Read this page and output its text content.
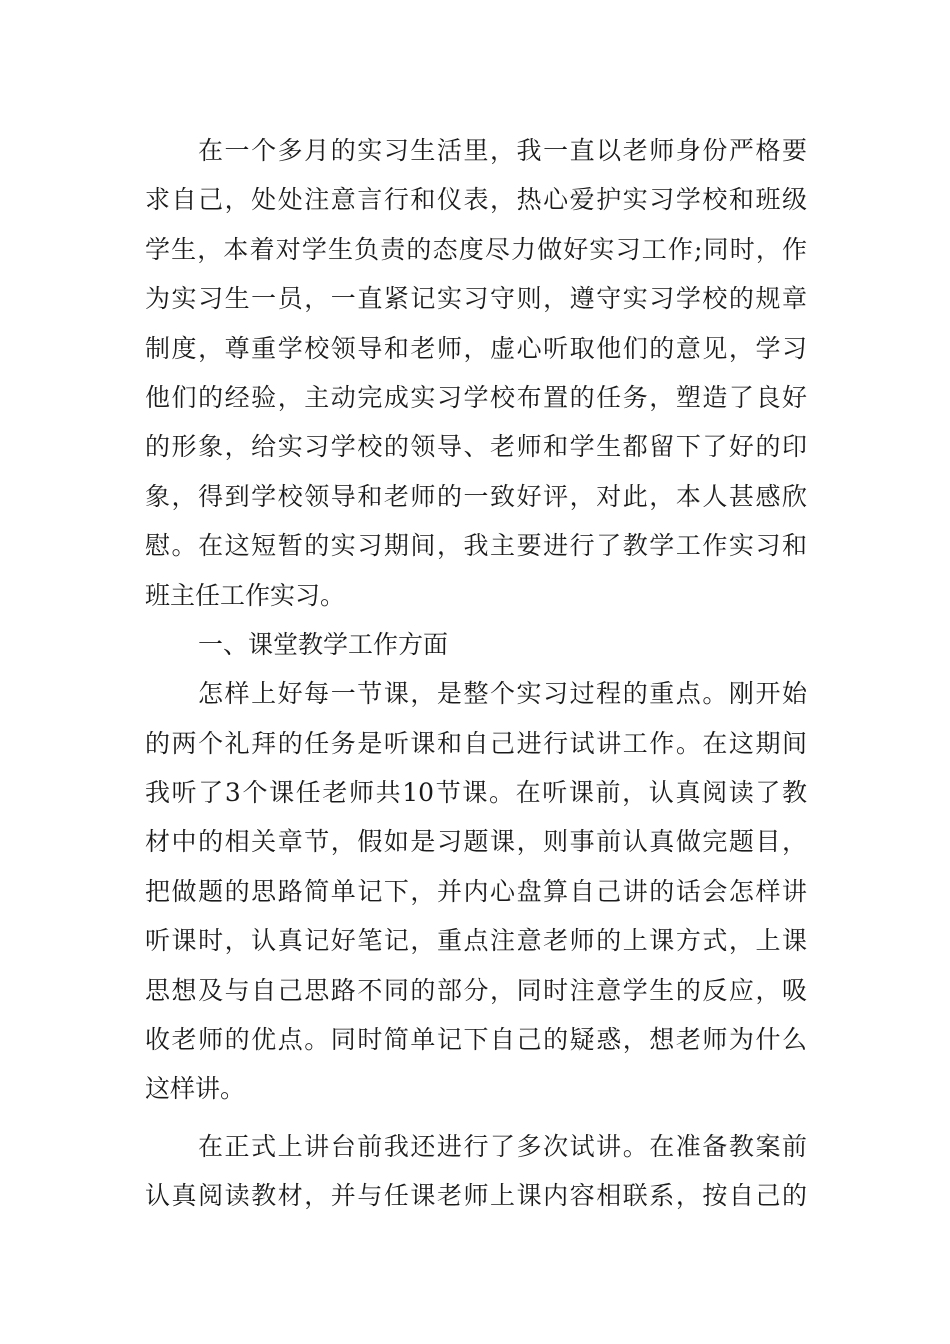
在一个多月的实习生活里，我一直以老师身份严格要
求自己，处处注意言行和仪表，热心爱护实习学校和班级
学生，本着对学生负责的态度尽力做好实习工作;同时，作
为实习生一员，一直紧记实习守则，遵守实习学校的规章
制度，尊重学校领导和老师，虚心听取他们的意见，学习
他们的经验，主动完成实习学校布置的任务，塑造了良好
的形象，给实习学校的领导、老师和学生都留下了好的印
象，得到学校领导和老师的一致好评，对此，本人甚感欣
慰。在这短暂的实习期间，我主要进行了教学工作实习和
班主任工作实习。
一、课堂教学工作方面
怎样上好每一节课，是整个实习过程的重点。刚开始
的两个礼拜的任务是听课和自己进行试讲工作。在这期间
我听了3个课任老师共10节课。在听课前，认真阅读了教
材中的相关章节，假如是习题课，则事前认真做完题目，
把做题的思路简单记下，并内心盘算自己讲的话会怎样讲
听课时，认真记好笔记，重点注意老师的上课方式，上课
思想及与自己思路不同的部分，同时注意学生的反应，吸
收老师的优点。同时简单记下自己的疑惑，想老师为什么
这样讲。
在正式上讲台前我还进行了多次试讲。在准备教案前
认真阅读教材，并与任课老师上课内容相联系，按自己的
